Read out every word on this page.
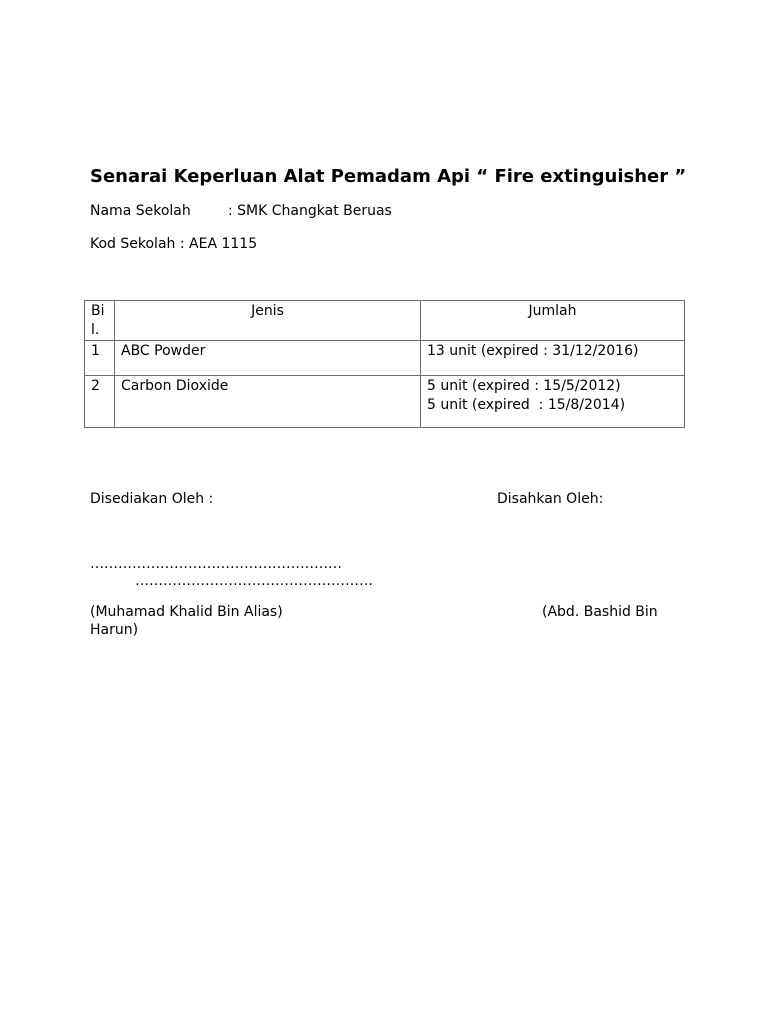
Senarai Keperluan Alat Pemadam Api “ Fire extinguisher ”
Nama Sekolah	: SMK Changkat Beruas
Kod Sekolah : AEA 1115
Bil.	Jenis	Jumlah
1	ABC Powder	13 unit (expired : 31/12/2016)

2	Carbon Dioxide	5 unit (expired : 15/5/2012)
5 unit (expired  : 15/8/2014)
Disediakan Oleh :	Disahkan Oleh:
………………………………………………
……………………………………………
(Muhamad Khalid Bin Alias)	(Abd. Bashid Bin
Harun)
